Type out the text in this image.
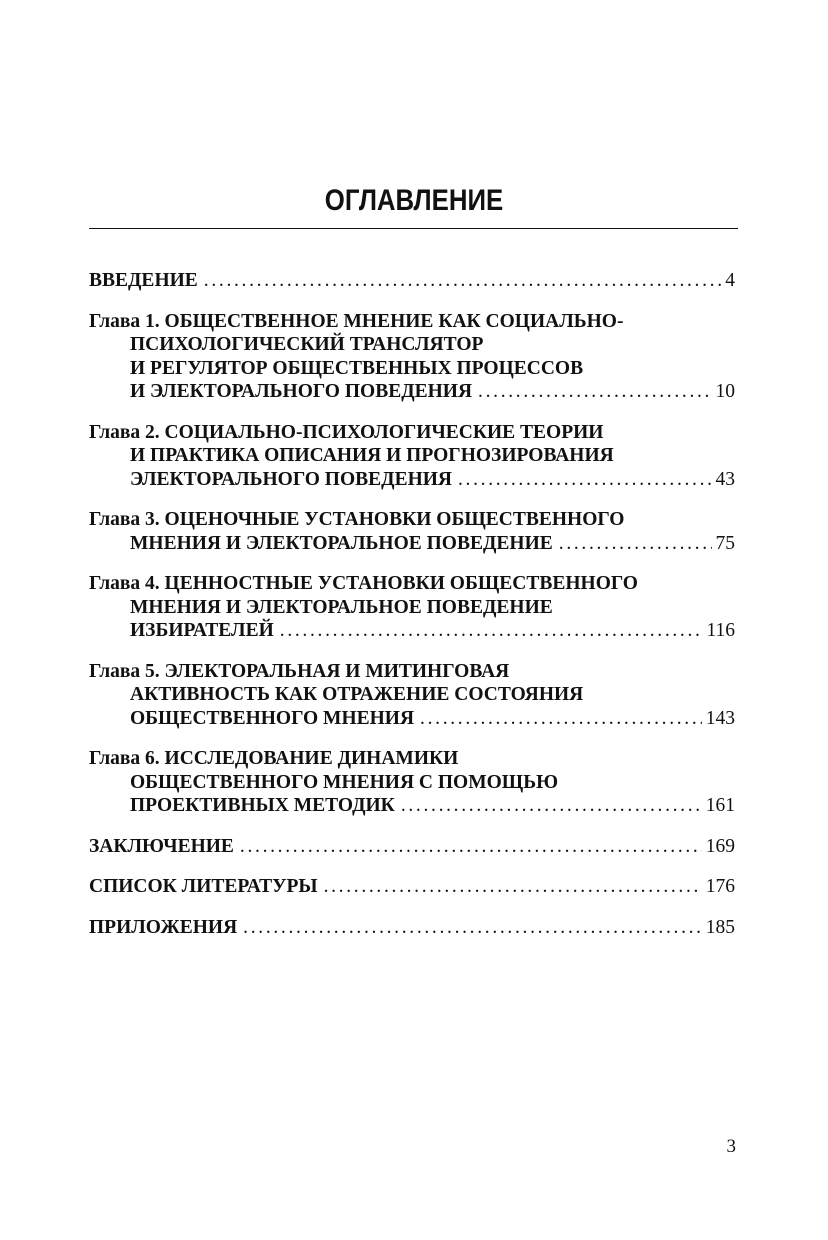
ОГЛАВЛЕНИЕ
ВВЕДЕНИЕ . . .	4
Глава 1. ОБЩЕСТВЕННОЕ МНЕНИЕ КАК СОЦИАЛЬНО-
ПСИХОЛОГИЧЕСКИЙ ТРАНСЛЯТОР
И РЕГУЛЯТОР ОБЩЕСТВЕННЫХ ПРОЦЕССОВ
И ЭЛЕКТОРАЛЬНОГО ПОВЕДЕНИЯ . . .	10
Глава 2. СОЦИАЛЬНО-ПСИХОЛОГИЧЕСКИЕ ТЕОРИИ
И ПРАКТИКА ОПИСАНИЯ И ПРОГНОЗИРОВАНИЯ
ЭЛЕКТОРАЛЬНОГО ПОВЕДЕНИЯ . . .	43
Глава 3. ОЦЕНОЧНЫЕ УСТАНОВКИ ОБЩЕСТВЕННОГО
МНЕНИЯ И ЭЛЕКТОРАЛЬНОЕ ПОВЕДЕНИЕ . . .	75
Глава 4. ЦЕННОСТНЫЕ УСТАНОВКИ ОБЩЕСТВЕННОГО
МНЕНИЯ И ЭЛЕКТОРАЛЬНОЕ ПОВЕДЕНИЕ
ИЗБИРАТЕЛЕЙ . . .	116
Глава 5. ЭЛЕКТОРАЛЬНАЯ И МИТИНГОВАЯ
АКТИВНОСТЬ КАК ОТРАЖЕНИЕ СОСТОЯНИЯ
ОБЩЕСТВЕННОГО МНЕНИЯ . . .	143
Глава 6. ИССЛЕДОВАНИЕ ДИНАМИКИ
ОБЩЕСТВЕННОГО МНЕНИЯ С ПОМОЩЬЮ
ПРОЕКТИВНЫХ МЕТОДИК . . .	161
ЗАКЛЮЧЕНИЕ . . .	169
СПИСОК ЛИТЕРАТУРЫ . . .	176
ПРИЛОЖЕНИЯ . . .	185
3
